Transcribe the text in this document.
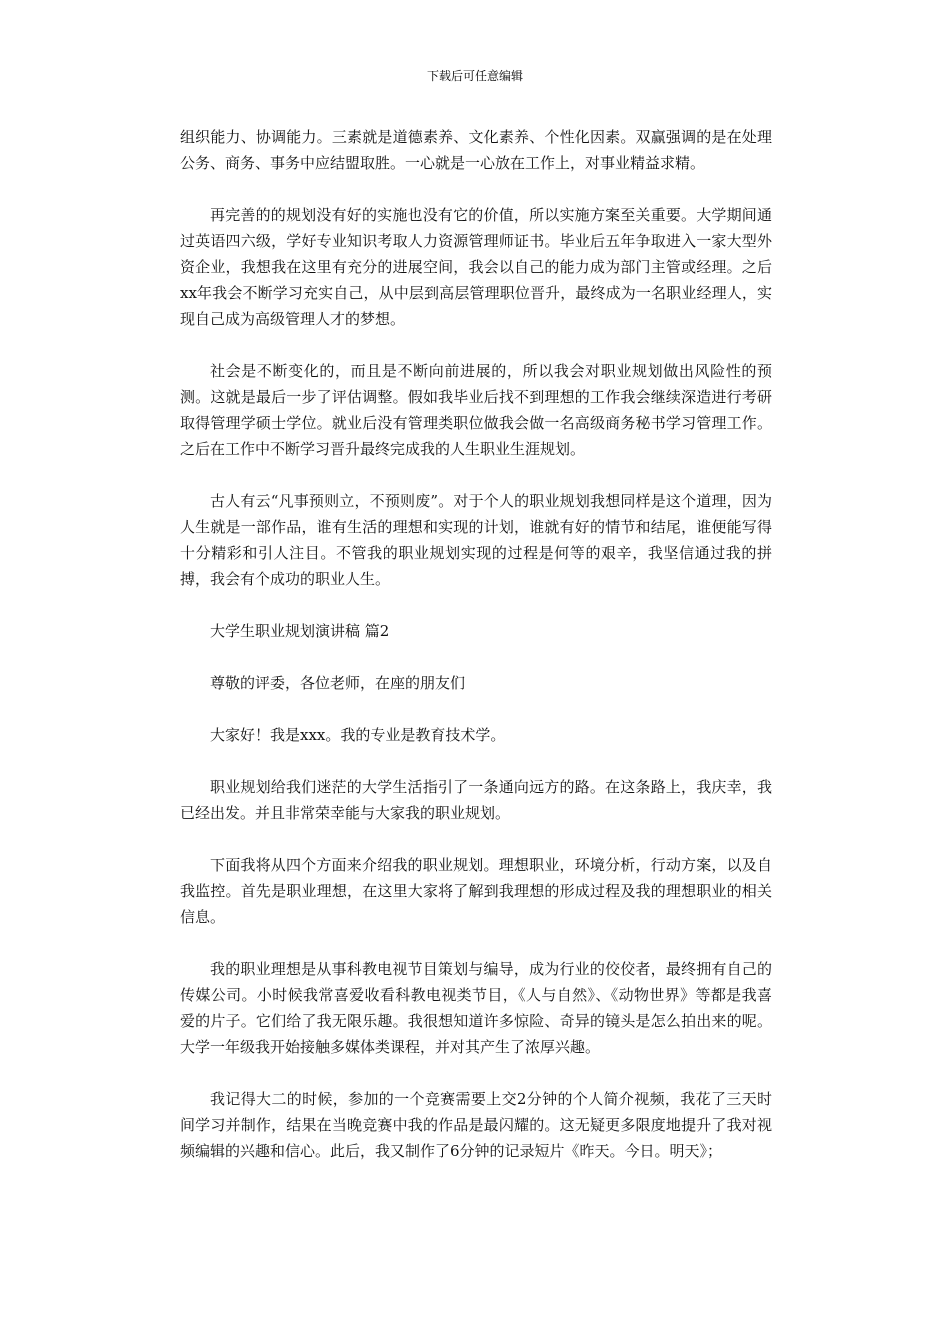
下载后可任意编辑

组织能力、协调能力。三素就是道德素养、文化素养、个性化因素。双赢强调的是在处理公务、商务、事务中应结盟取胜。一心就是一心放在工作上，对事业精益求精。

再完善的的规划没有好的实施也没有它的价值，所以实施方案至关重要。大学期间通过英语四六级，学好专业知识考取人力资源管理师证书。毕业后五年争取进入一家大型外资企业，我想我在这里有充分的进展空间，我会以自己的能力成为部门主管或经理。之后xx年我会不断学习充实自己，从中层到高层管理职位晋升，最终成为一名职业经理人，实现自己成为高级管理人才的梦想。

社会是不断变化的，而且是不断向前进展的，所以我会对职业规划做出风险性的预测。这就是最后一步了评估调整。假如我毕业后找不到理想的工作我会继续深造进行考研取得管理学硕士学位。就业后没有管理类职位做我会做一名高级商务秘书学习管理工作。之后在工作中不断学习晋升最终完成我的人生职业生涯规划。

古人有云“凡事预则立，不预则废”。对于个人的职业规划我想同样是这个道理，因为人生就是一部作品，谁有生活的理想和实现的计划，谁就有好的情节和结尾，谁便能写得十分精彩和引人注目。不管我的职业规划实现的过程是何等的艰辛，我坚信通过我的拼搏，我会有个成功的职业人生。

大学生职业规划演讲稿 篇2

尊敬的评委，各位老师，在座的朋友们

大家好！我是xxx。我的专业是教育技术学。

职业规划给我们迷茫的大学生活指引了一条通向远方的路。在这条路上，我庆幸，我已经出发。并且非常荣幸能与大家我的职业规划。

下面我将从四个方面来介绍我的职业规划。理想职业，环境分析，行动方案，以及自我监控。首先是职业理想，在这里大家将了解到我理想的形成过程及我的理想职业的相关信息。

我的职业理想是从事科教电视节目策划与编导，成为行业的佼佼者，最终拥有自己的传媒公司。小时候我常喜爱收看科教电视类节目，《人与自然》、《动物世界》等都是我喜爱的片子。它们给了我无限乐趣。我很想知道许多惊险、奇异的镜头是怎么拍出来的呢。大学一年级我开始接触多媒体类课程，并对其产生了浓厚兴趣。

我记得大二的时候，参加的一个竞赛需要上交2分钟的个人简介视频，我花了三天时间学习并制作，结果在当晚竞赛中我的作品是最闪耀的。这无疑更多限度地提升了我对视频编辑的兴趣和信心。此后，我又制作了6分钟的记录短片《昨天。今日。明天》；
